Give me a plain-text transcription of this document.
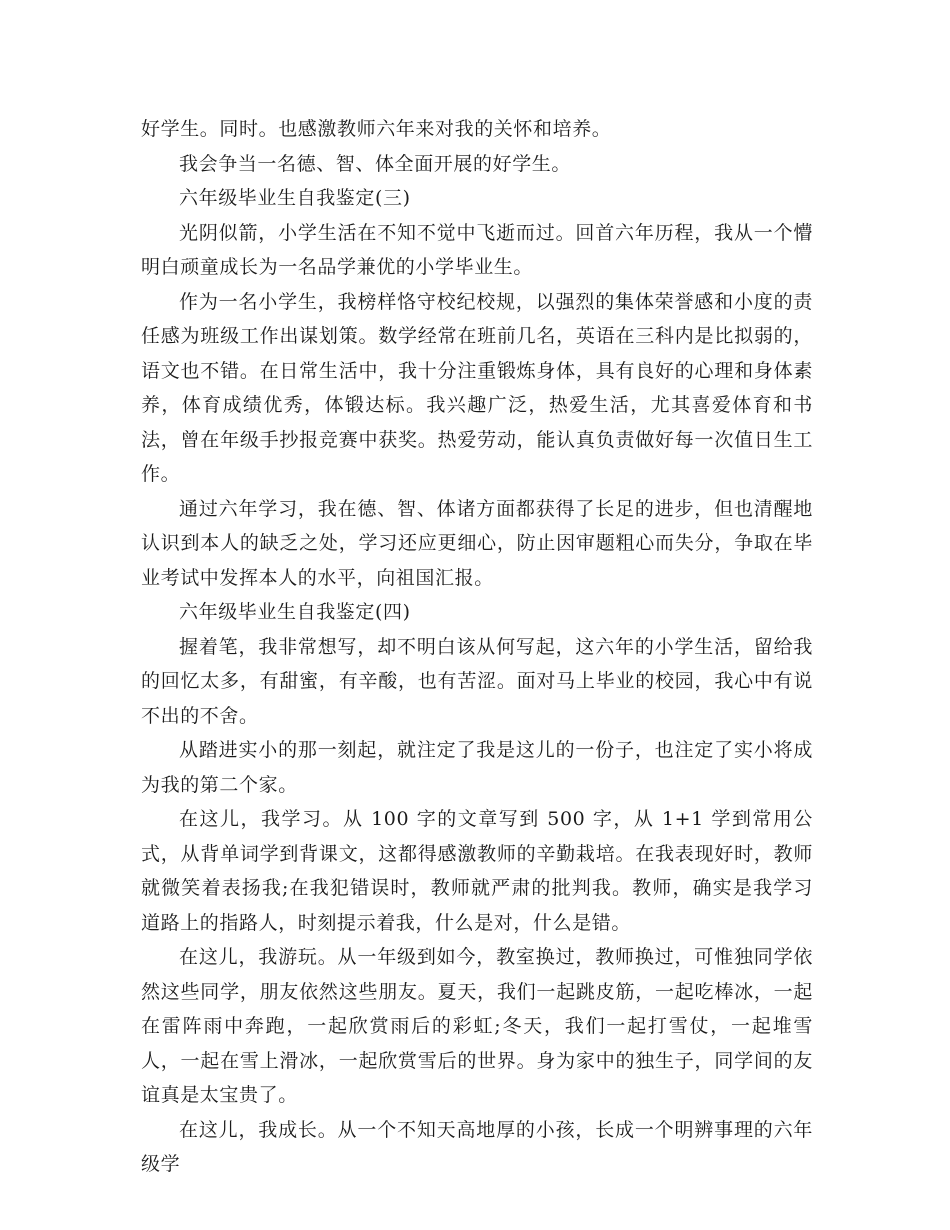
好学生。同时。也感激教师六年来对我的关怀和培养。

我会争当一名德、智、体全面开展的好学生。

六年级毕业生自我鉴定(三)

光阴似箭，小学生活在不知不觉中飞逝而过。回首六年历程，我从一个懵明白顽童成长为一名品学兼优的小学毕业生。

作为一名小学生，我榜样恪守校纪校规，以强烈的集体荣誉感和小度的责任感为班级工作出谋划策。数学经常在班前几名，英语在三科内是比拟弱的，语文也不错。在日常生活中，我十分注重锻炼身体，具有良好的心理和身体素养，体育成绩优秀，体锻达标。我兴趣广泛，热爱生活，尤其喜爱体育和书法，曾在年级手抄报竞赛中获奖。热爱劳动，能认真负责做好每一次值日生工作。

通过六年学习，我在德、智、体诸方面都获得了长足的进步，但也清醒地认识到本人的缺乏之处，学习还应更细心，防止因审题粗心而失分，争取在毕业考试中发挥本人的水平，向祖国汇报。

六年级毕业生自我鉴定(四)

握着笔，我非常想写，却不明白该从何写起，这六年的小学生活，留给我的回忆太多，有甜蜜，有辛酸，也有苦涩。面对马上毕业的校园，我心中有说不出的不舍。

从踏进实小的那一刻起，就注定了我是这儿的一份子，也注定了实小将成为我的第二个家。

在这儿，我学习。从 100 字的文章写到 500 字，从 1+1 学到常用公式，从背单词学到背课文，这都得感激教师的辛勤栽培。在我表现好时，教师就微笑着表扬我;在我犯错误时，教师就严肃的批判我。教师，确实是我学习道路上的指路人，时刻提示着我，什么是对，什么是错。

在这儿，我游玩。从一年级到如今，教室换过，教师换过，可惟独同学依然这些同学，朋友依然这些朋友。夏天，我们一起跳皮筋，一起吃棒冰，一起在雷阵雨中奔跑，一起欣赏雨后的彩虹;冬天，我们一起打雪仗，一起堆雪人，一起在雪上滑冰，一起欣赏雪后的世界。身为家中的独生子，同学间的友谊真是太宝贵了。

在这儿，我成长。从一个不知天高地厚的小孩，长成一个明辨事理的六年级学
